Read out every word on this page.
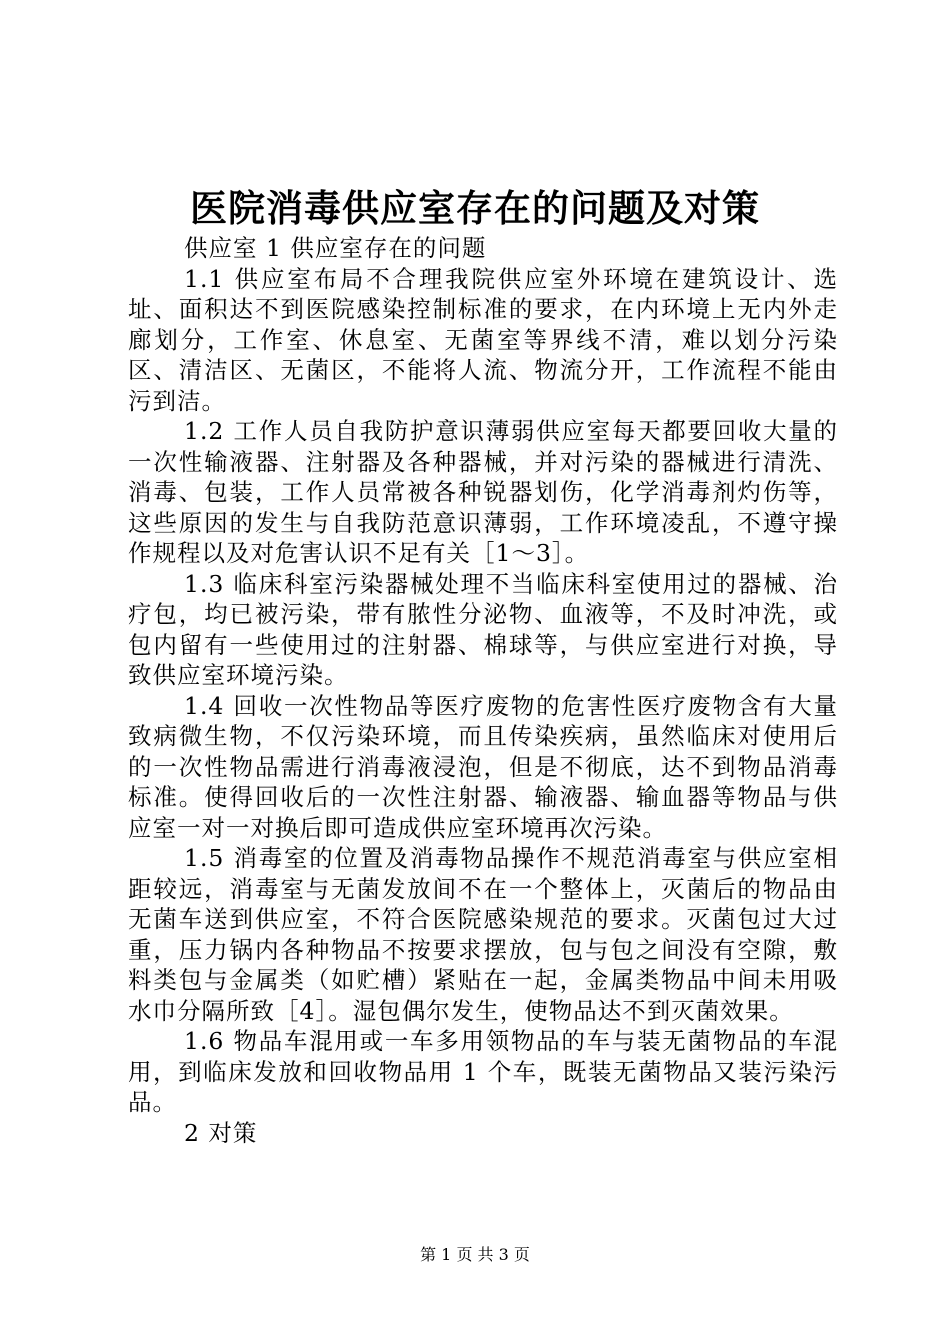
医院消毒供应室存在的问题及对策

供应室 1 供应室存在的问题

1.1 供应室布局不合理我院供应室外环境在建筑设计、选址、面积达不到医院感染控制标准的要求，在内环境上无内外走廊划分，工作室、休息室、无菌室等界线不清，难以划分污染区、清洁区、无菌区，不能将人流、物流分开，工作流程不能由污到洁。

1.2 工作人员自我防护意识薄弱供应室每天都要回收大量的一次性输液器、注射器及各种器械，并对污染的器械进行清洗、消毒、包装，工作人员常被各种锐器划伤，化学消毒剂灼伤等，这些原因的发生与自我防范意识薄弱，工作环境凌乱，不遵守操作规程以及对危害认识不足有关［1～3］。

1.3 临床科室污染器械处理不当临床科室使用过的器械、治疗包，均已被污染，带有脓性分泌物、血液等，不及时冲洗，或包内留有一些使用过的注射器、棉球等，与供应室进行对换，导致供应室环境污染。

1.4 回收一次性物品等医疗废物的危害性医疗废物含有大量致病微生物，不仅污染环境，而且传染疾病，虽然临床对使用后的一次性物品需进行消毒液浸泡，但是不彻底，达不到物品消毒标准。使得回收后的一次性注射器、输液器、输血器等物品与供应室一对一对换后即可造成供应室环境再次污染。

1.5 消毒室的位置及消毒物品操作不规范消毒室与供应室相距较远，消毒室与无菌发放间不在一个整体上，灭菌后的物品由无菌车送到供应室，不符合医院感染规范的要求。灭菌包过大过重，压力锅内各种物品不按要求摆放，包与包之间没有空隙，敷料类包与金属类（如贮槽）紧贴在一起，金属类物品中间未用吸水巾分隔所致［4］。湿包偶尔发生，使物品达不到灭菌效果。

1.6 物品车混用或一车多用领物品的车与装无菌物品的车混用，到临床发放和回收物品用 1 个车，既装无菌物品又装污染污品。

2 对策

第 1 页 共 3 页
